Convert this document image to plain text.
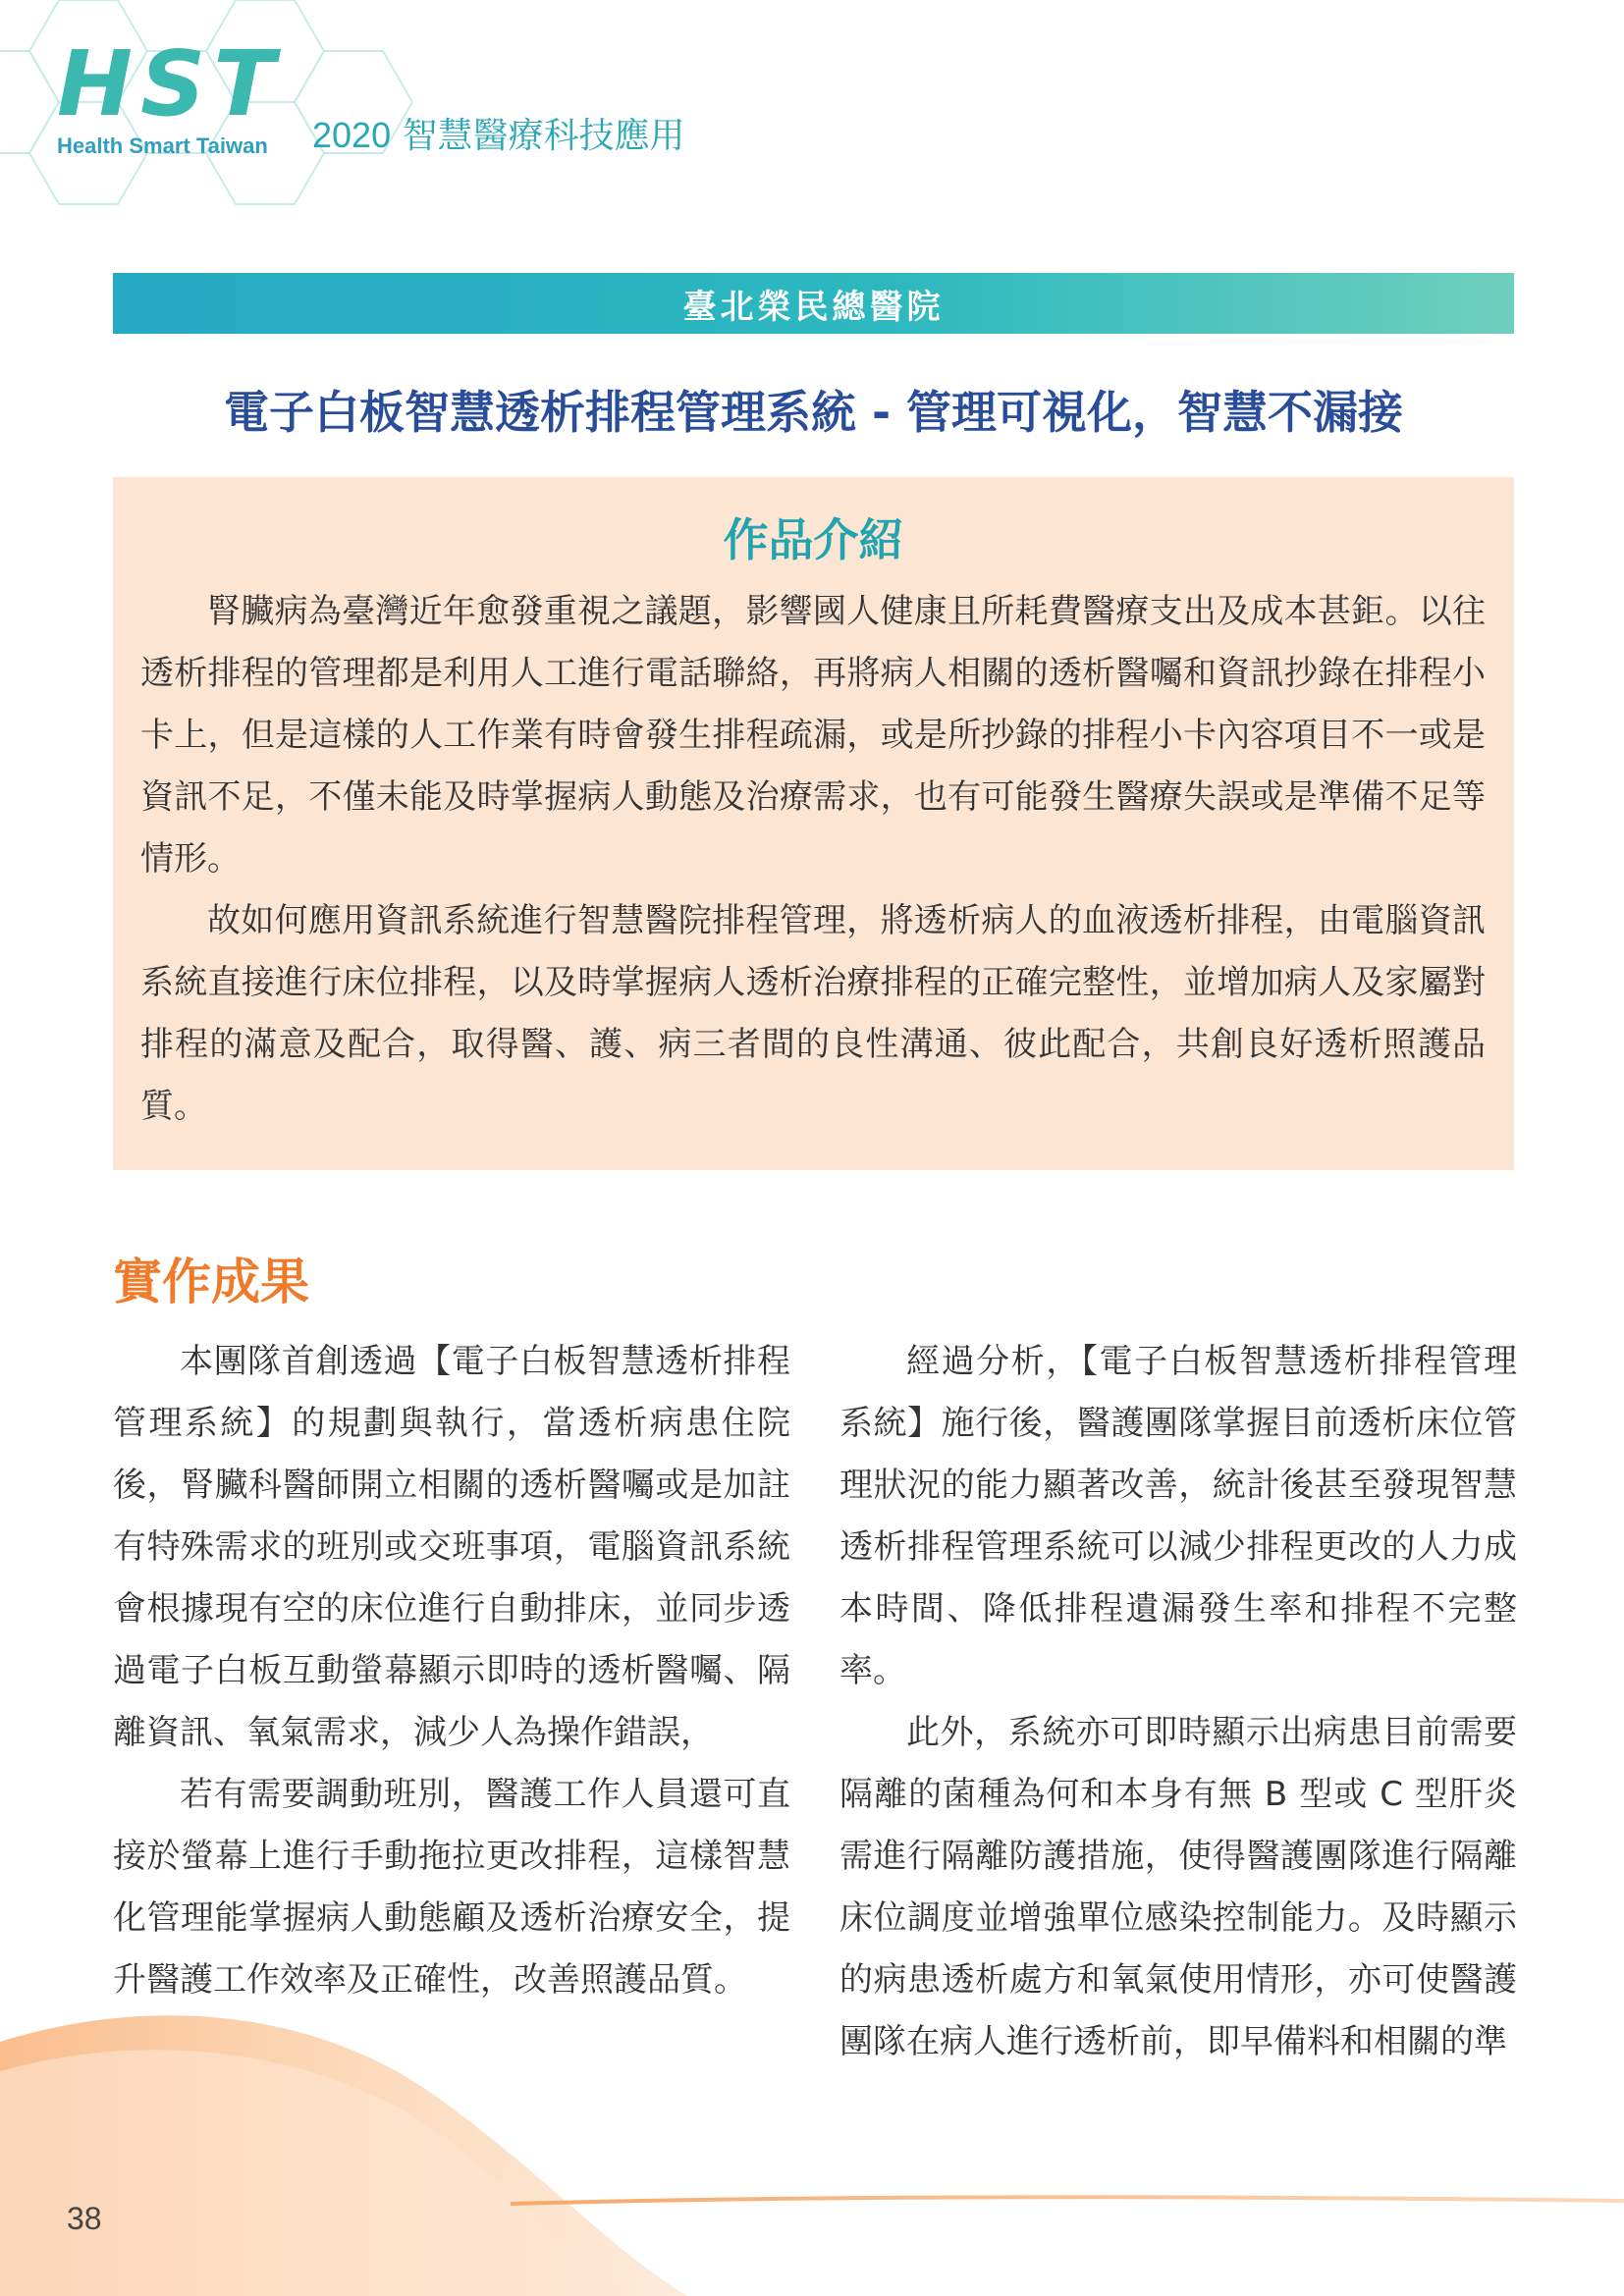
HST
Health Smart Taiwan 2020 智慧醫療科技應用
臺北榮民總醫院
電子白板智慧透析排程管理系統 - 管理可視化，智慧不漏接
作品介紹

腎臟病為臺灣近年愈發重視之議題，影響國人健康且所耗費醫療支出及成本甚鉅。以往透析排程的管理都是利用人工進行電話聯絡，再將病人相關的透析醫囑和資訊抄錄在排程小卡上，但是這樣的人工作業有時會發生排程疏漏，或是所抄錄的排程小卡內容項目不一或是資訊不足，不僅未能及時掌握病人動態及治療需求，也有可能發生醫療失誤或是準備不足等情形。

故如何應用資訊系統進行智慧醫院排程管理，將透析病人的血液透析排程，由電腦資訊系統直接進行床位排程，以及時掌握病人透析治療排程的正確完整性，並增加病人及家屬對排程的滿意及配合，取得醫、護、病三者間的良性溝通、彼此配合，共創良好透析照護品質。

實作成果

本團隊首創透過【電子白板智慧透析排程管理系統】的規劃與執行，當透析病患住院後，腎臟科醫師開立相關的透析醫囑或是加註有特殊需求的班別或交班事項，電腦資訊系統會根據現有空的床位進行自動排床，並同步透過電子白板互動螢幕顯示即時的透析醫囑、隔離資訊、氧氣需求，減少人為操作錯誤，

若有需要調動班別，醫護工作人員還可直接於螢幕上進行手動拖拉更改排程，這樣智慧化管理能掌握病人動態顧及透析治療安全，提升醫護工作效率及正確性，改善照護品質。

經過分析，【電子白板智慧透析排程管理系統】施行後，醫護團隊掌握目前透析床位管理狀況的能力顯著改善，統計後甚至發現智慧透析排程管理系統可以減少排程更改的人力成本時間、降低排程遺漏發生率和排程不完整率。

此外，系統亦可即時顯示出病患目前需要隔離的菌種為何和本身有無 B 型或 C 型肝炎需進行隔離防護措施，使得醫護團隊進行隔離床位調度並增強單位感染控制能力。及時顯示的病患透析處方和氧氣使用情形，亦可使醫護團隊在病人進行透析前，即早備料和相關的準

38
